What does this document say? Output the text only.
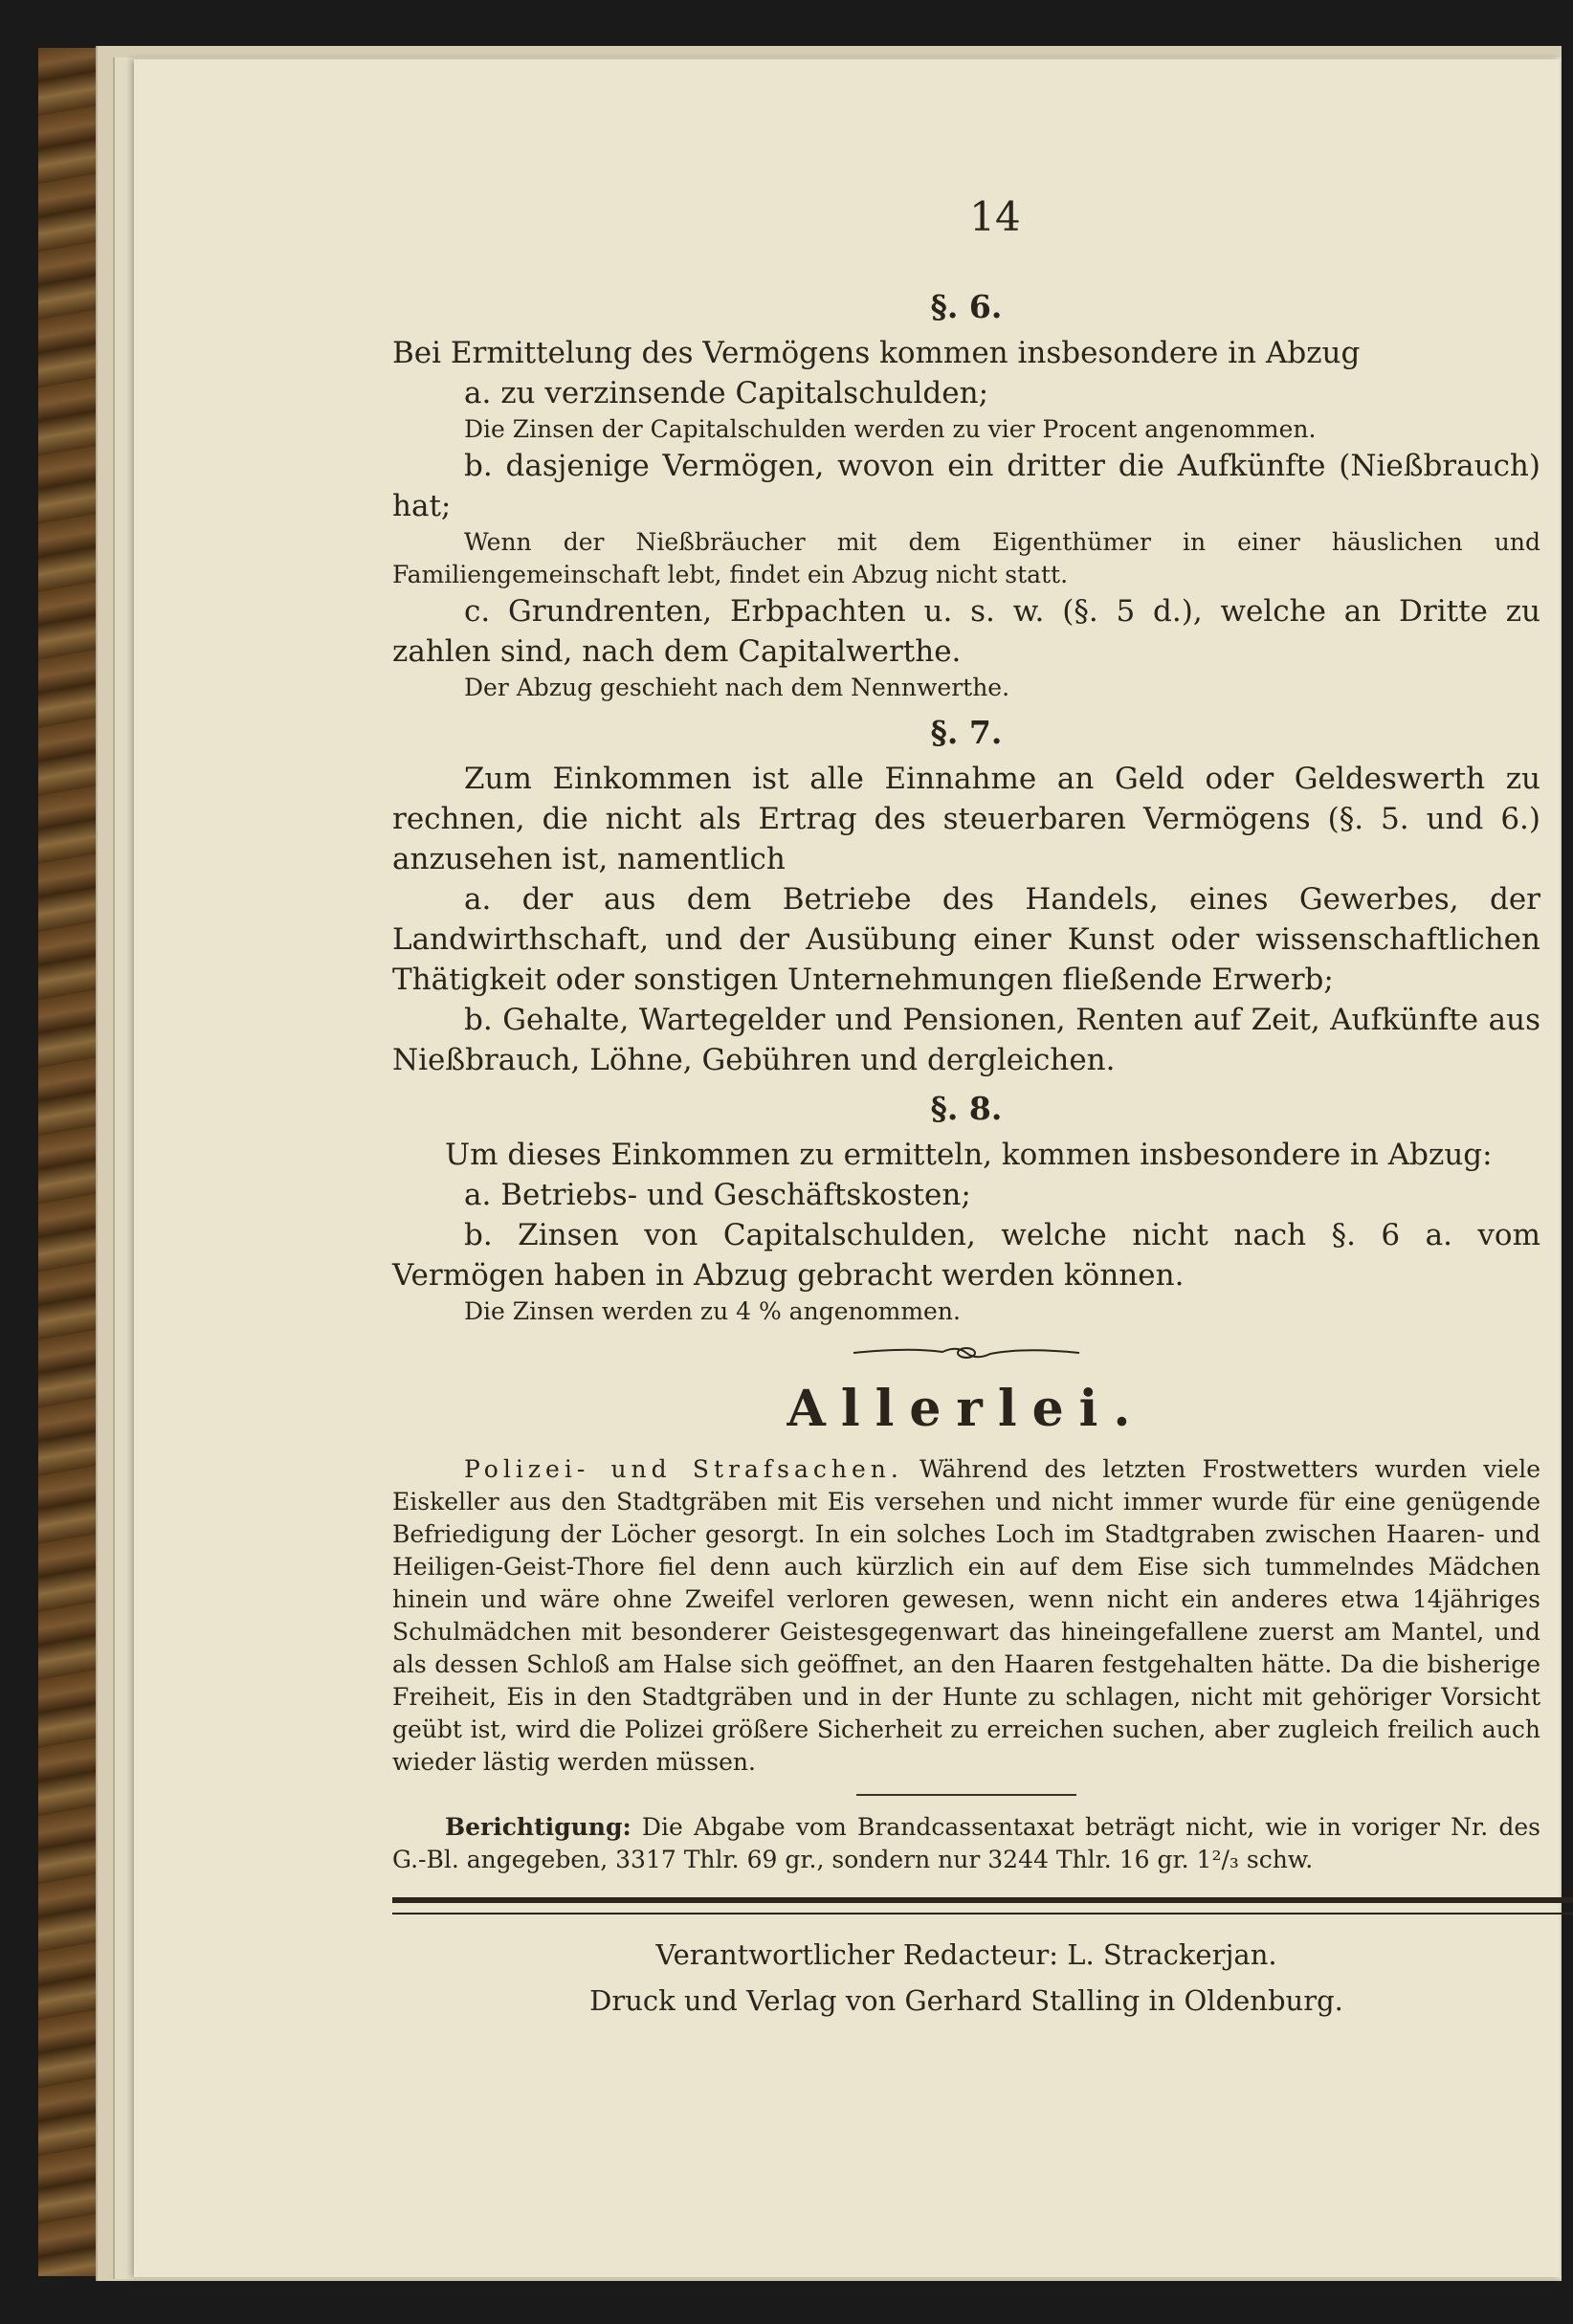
14
§. 6.

Bei Ermittelung des Vermögens kommen insbesondere in Abzug

a. zu verzinsende Capitalschulden;

Die Zinsen der Capitalschulden werden zu vier Procent angenommen.

b. dasjenige Vermögen, wovon ein dritter die Aufkünfte (Nießbrauch) hat;

Wenn der Nießbräucher mit dem Eigenthümer in einer häuslichen und Familiengemeinschaft lebt, findet ein Abzug nicht statt.

c. Grundrenten, Erbpachten u. s. w. (§. 5 d.), welche an Dritte zu zahlen sind, nach dem Capitalwerthe.

Der Abzug geschieht nach dem Nennwerthe.

§. 7.

Zum Einkommen ist alle Einnahme an Geld oder Geldeswerth zu rechnen, die nicht als Ertrag des steuerbaren Vermögens (§. 5. und 6.) anzusehen ist, namentlich

a. der aus dem Betriebe des Handels, eines Gewerbes, der Landwirthschaft, und der Ausübung einer Kunst oder wissenschaftlichen Thätigkeit oder sonstigen Unternehmungen fließende Erwerb;

b. Gehalte, Wartegelder und Pensionen, Renten auf Zeit, Aufkünfte aus Nießbrauch, Löhne, Gebühren und dergleichen.

§. 8.

Um dieses Einkommen zu ermitteln, kommen insbesondere in Abzug:

a. Betriebs- und Geschäftskosten;

b. Zinsen von Capitalschulden, welche nicht nach §. 6 a. vom Vermögen haben in Abzug gebracht werden können.

Die Zinsen werden zu 4 % angenommen.

Allerlei.

Polizei- und Strafsachen. Während des letzten Frostwetters wurden viele Eiskeller aus den Stadtgräben mit Eis versehen und nicht immer wurde für eine genügende Befriedigung der Löcher gesorgt. In ein solches Loch im Stadtgraben zwischen Haaren- und Heiligen-Geist-Thore fiel denn auch kürzlich ein auf dem Eise sich tummelndes Mädchen hinein und wäre ohne Zweifel verloren gewesen, wenn nicht ein anderes etwa 14jähriges Schulmädchen mit besonderer Geistesgegenwart das hineingefallene zuerst am Mantel, und als dessen Schloß am Halse sich geöffnet, an den Haaren festgehalten hätte. Da die bisherige Freiheit, Eis in den Stadtgräben und in der Hunte zu schlagen, nicht mit gehöriger Vorsicht geübt ist, wird die Polizei größere Sicherheit zu erreichen suchen, aber zugleich freilich auch wieder lästig werden müssen.

Berichtigung: Die Abgabe vom Brandcassentaxat beträgt nicht, wie in voriger Nr. des G.-Bl. angegeben, 3317 Thlr. 69 gr., sondern nur 3244 Thlr. 16 gr. 1²/₃ schw.

Verantwortlicher Redacteur: L. Strackerjan.
Druck und Verlag von Gerhard Stalling in Oldenburg.
